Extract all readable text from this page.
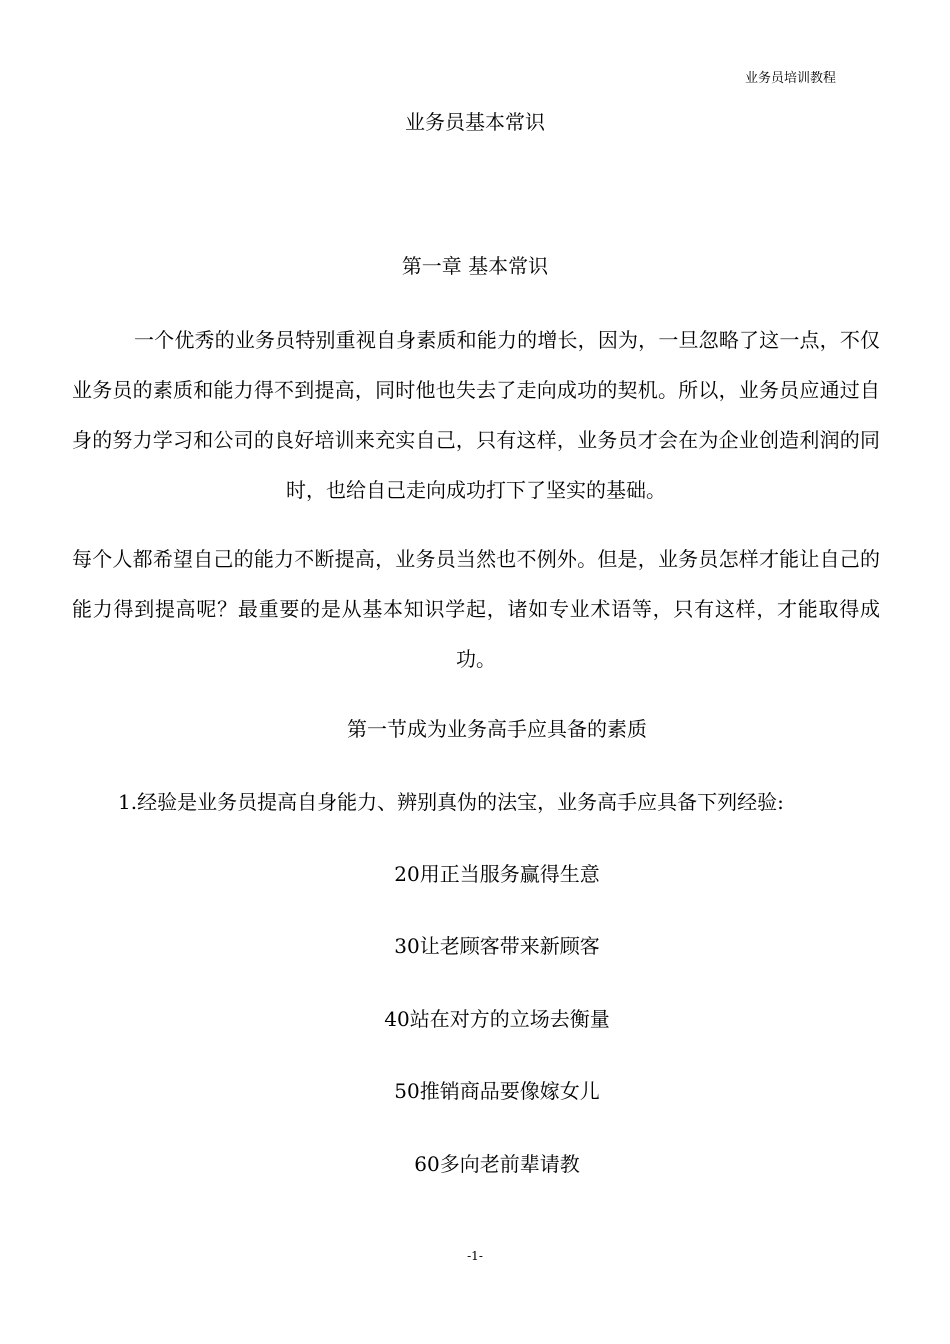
业务员培训教程
业务员基本常识
第一章 基本常识

一个优秀的业务员特别重视自身素质和能力的增长，因为，一旦忽略了这一点，不仅业务员的素质和能力得不到提高，同时他也失去了走向成功的契机。所以，业务员应通过自身的努力学习和公司的良好培训来充实自己，只有这样，业务员才会在为企业创造利润的同时，也给自己走向成功打下了坚实的基础。

每个人都希望自己的能力不断提高，业务员当然也不例外。但是，业务员怎样才能让自己的能力得到提高呢？最重要的是从基本知识学起，诸如专业术语等，只有这样，才能取得成功。

第一节成为业务高手应具备的素质
1.经验是业务员提高自身能力、辨别真伪的法宝，业务高手应具备下列经验:
20用正当服务赢得生意
30让老顾客带来新顾客
40站在对方的立场去衡量
50推销商品要像嫁女儿
60多向老前辈请教
-1-
